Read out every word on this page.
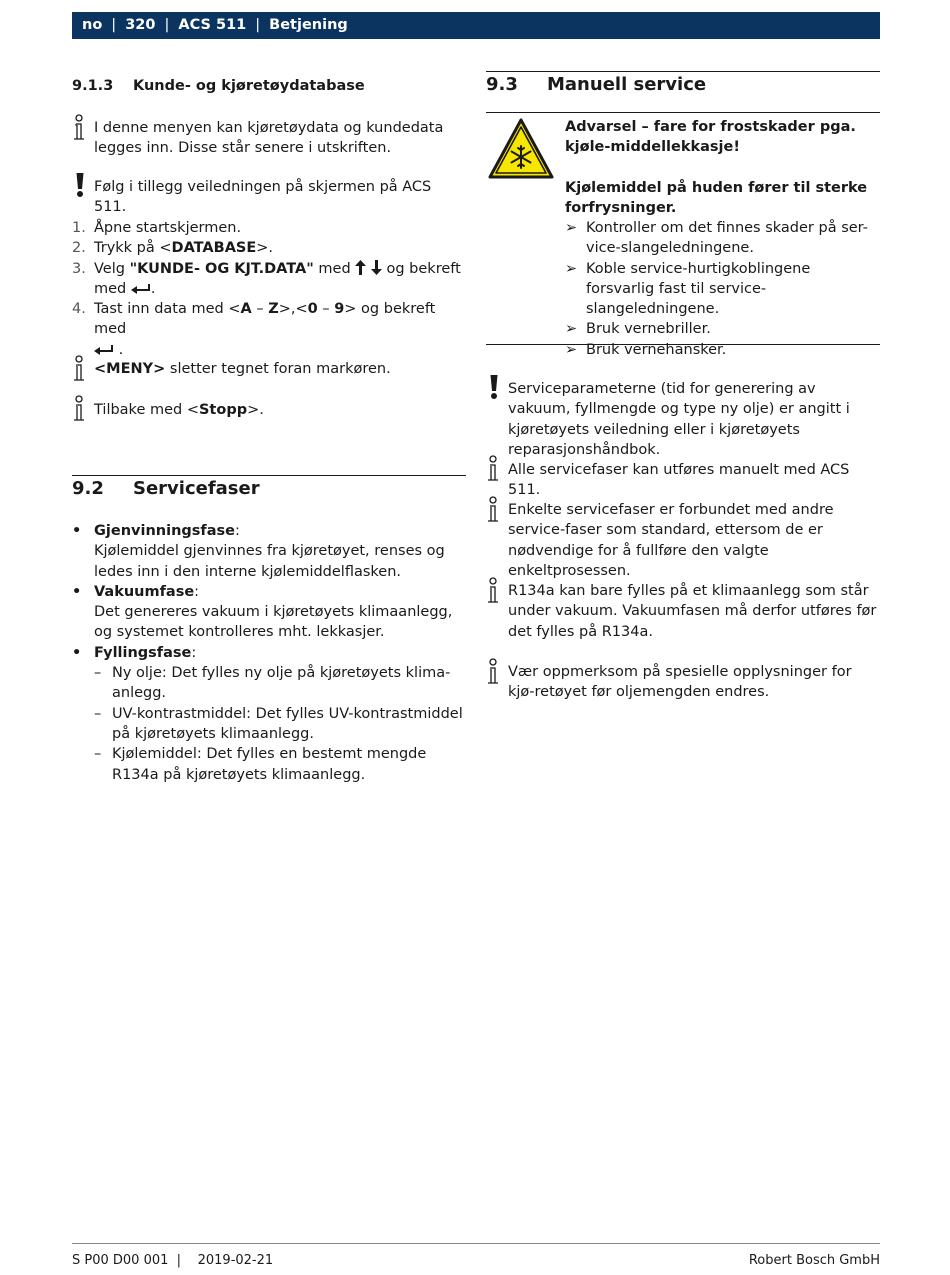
no | 320 | ACS 511 | Betjening
9.1.3 Kunde- og kjøretøydatabase
I denne menyen kan kjøretøydata og kundedata legges inn. Disse står senere i utskriften.
Følg i tillegg veiledningen på skjermen på ACS 511.
1. Åpne startskjermen.
2. Trykk på <DATABASE>.
3. Velg "KUNDE- OG KJT.DATA" med   og bekreft med .
4. Tast inn data med <A – Z>,<0 – 9> og bekreft med
.
<MENY> sletter tegnet foran markøren.
Tilbake med <Stopp>.
9.2 Servicefaser
• Gjenvinningsfase:
Kjølemiddel gjenvinnes fra kjøretøyet, renses og ledes inn i den interne kjølemiddelflasken.
• Vakuumfase:
Det genereres vakuum i kjøretøyets klimaanlegg, og systemet kontrolleres mht. lekkasjer.
• Fyllingsfase:
– Ny olje: Det fylles ny olje på kjøretøyets klima-anlegg.
– UV-kontrastmiddel: Det fylles UV-kontrastmiddel på kjøretøyets klimaanlegg.
– Kjølemiddel: Det fylles en bestemt mengde R134a på kjøretøyets klimaanlegg.
9.3 Manuell service
Advarsel – fare for frostskader pga. kjøle-middellekkasje!
Kjølemiddel på huden fører til sterke forfrysninger.
➢ Kontroller om det finnes skader på ser-vice-slangeledningene.
➢ Koble service-hurtigkoblingene forsvarlig fast til service-slangeledningene.
➢ Bruk vernebriller.
➢ Bruk vernehansker.
Serviceparameterne (tid for generering av vakuum, fyllmengde og type ny olje) er angitt i kjøretøyets veiledning eller i kjøretøyets reparasjonshåndbok.
Alle servicefaser kan utføres manuelt med ACS 511.
Enkelte servicefaser er forbundet med andre service-faser som standard, ettersom de er nødvendige for å fullføre den valgte enkeltprosessen.
R134a kan bare fylles på et klimaanlegg som står under vakuum. Vakuumfasen må derfor utføres før det fylles på R134a.
Vær oppmerksom på spesielle opplysninger for kjø-retøyet før oljemengden endres.
S P00 D00 001  |    2019-02-21	Robert Bosch GmbH
